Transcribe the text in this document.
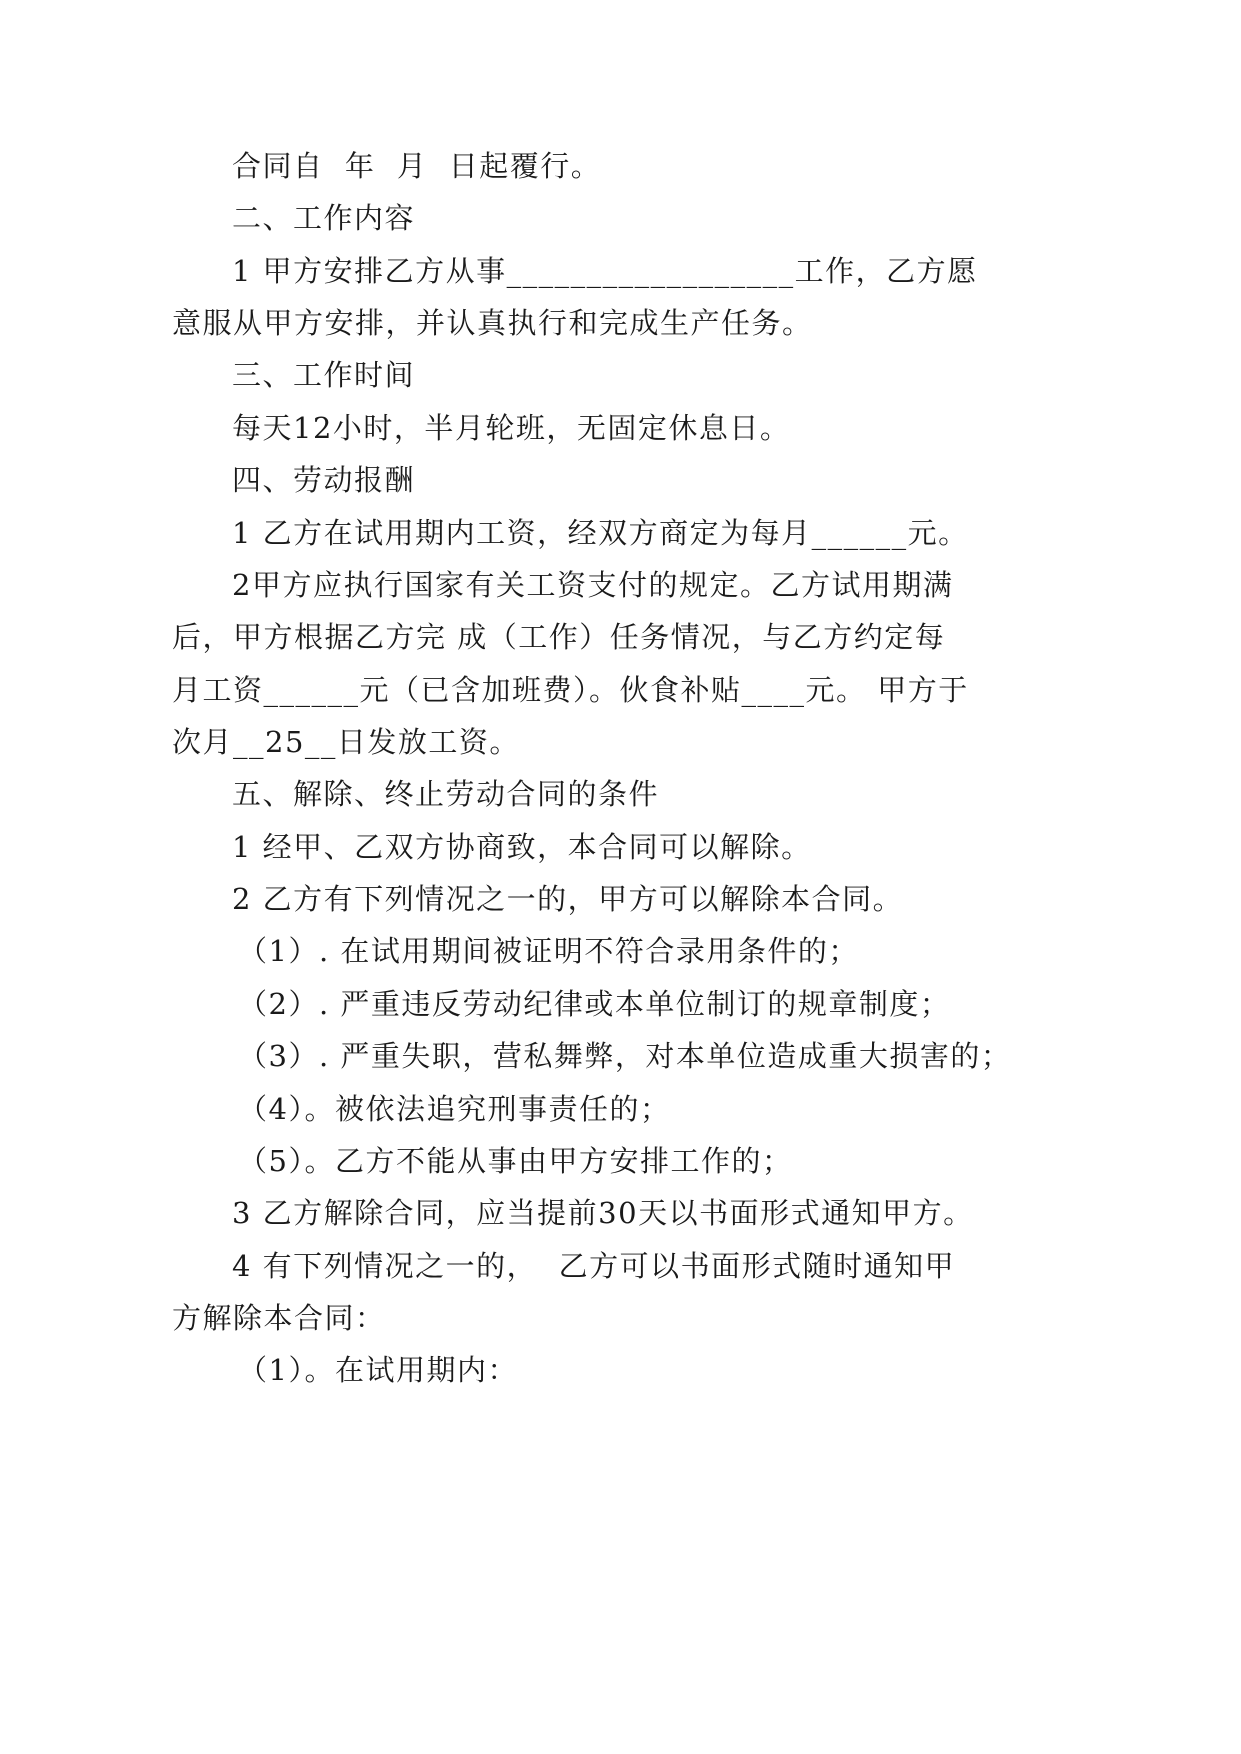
合同自  年  月  日起覆行。
二、工作内容
1 甲方安排乙方从事__________________工作，乙方愿
意服从甲方安排，并认真执行和完成生产任务。
三、工作时间
每天12小时，半月轮班，无固定休息日。
四、劳动报酬
1 乙方在试用期内工资，经双方商定为每月______元。
2甲方应执行国家有关工资支付的规定。乙方试用期满
后，甲方根据乙方完 成（工作）任务情况，与乙方约定每
月工资______元（已含加班费）。伙食补贴____元。 甲方于
次月__25__日发放工资。
五、解除、终止劳动合同的条件
1 经甲、乙双方协商致，本合同可以解除。
2 乙方有下列情况之一的，甲方可以解除本合同。
（1）. 在试用期间被证明不符合录用条件的；
（2）. 严重违反劳动纪律或本单位制订的规章制度；
（3）. 严重失职，营私舞弊，对本单位造成重大损害的；
（4）。被依法追究刑事责任的；
（5）。乙方不能从事由甲方安排工作的；
3 乙方解除合同，应当提前30天以书面形式通知甲方。
4 有下列情况之一的，  乙方可以书面形式随时通知甲
方解除本合同：
（1）。在试用期内：
